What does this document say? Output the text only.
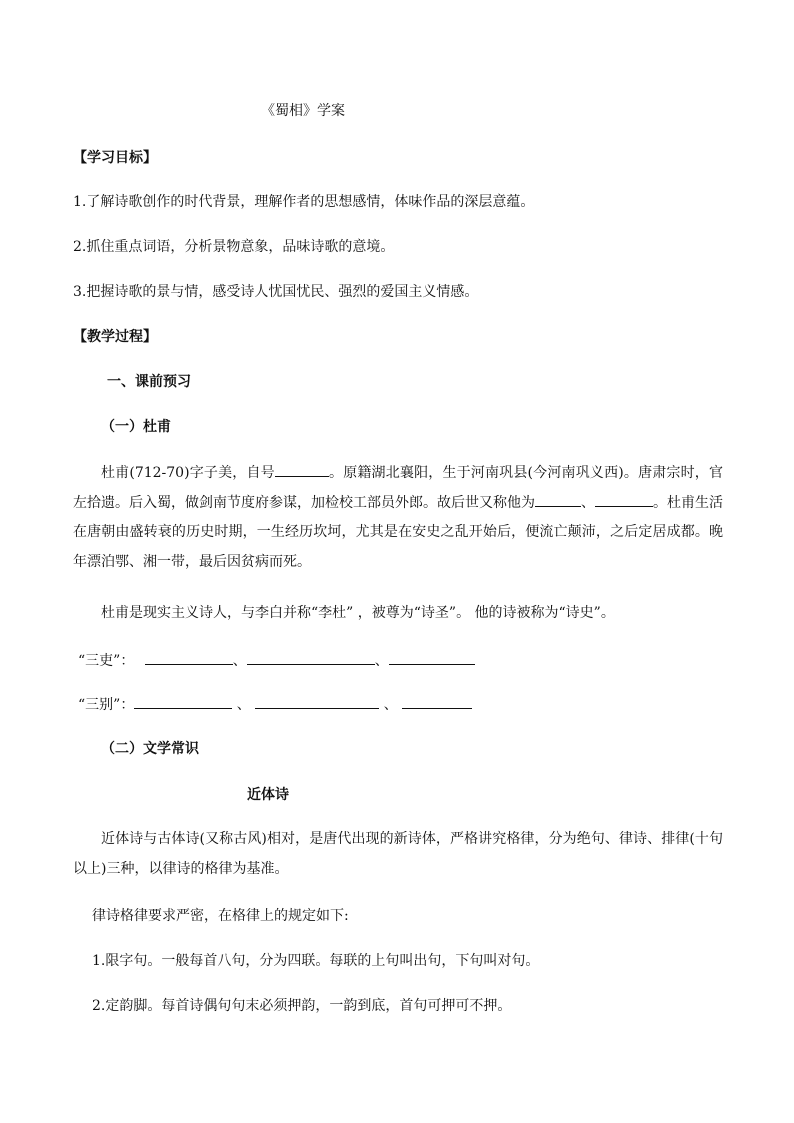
《蜀相》学案
【学习目标】
1.了解诗歌创作的时代背景，理解作者的思想感情，体味作品的深层意蕴。
2.抓住重点词语，分析景物意象，品味诗歌的意境。
3.把握诗歌的景与情，感受诗人忧国忧民、强烈的爱国主义情感。
【教学过程】
一、课前预习
（一）杜甫
杜甫(712-70)字子美，自号	。原籍湖北襄阳，生于河南巩县(今河南巩义西)。唐肃宗时，官左拾遗。后入蜀，做剑南节度府参谋，加检校工部员外郎。故后世又称他为	、	。杜甫生活在唐朝由盛转衰的历史时期，一生经历坎坷，尤其是在安史之乱开始后，便流亡颠沛，之后定居成都。晚年漂泊鄂、湘一带，最后因贫病而死。
杜甫是现实主义诗人，与李白并称“李杜” ，被尊为“诗圣”。 他的诗被称为“诗史”。
“三吏”：	、	、
“三别”：	、	、
（二）文学常识
近体诗
近体诗与古体诗(又称古风)相对，是唐代出现的新诗体，严格讲究格律，分为绝句、律诗、排律(十句以上)三种，以律诗的格律为基准。
律诗格律要求严密，在格律上的规定如下:
1.限字句。一般每首八句，分为四联。每联的上句叫出句，下句叫对句。
2.定韵脚。每首诗偶句句末必须押韵，一韵到底，首句可押可不押。
